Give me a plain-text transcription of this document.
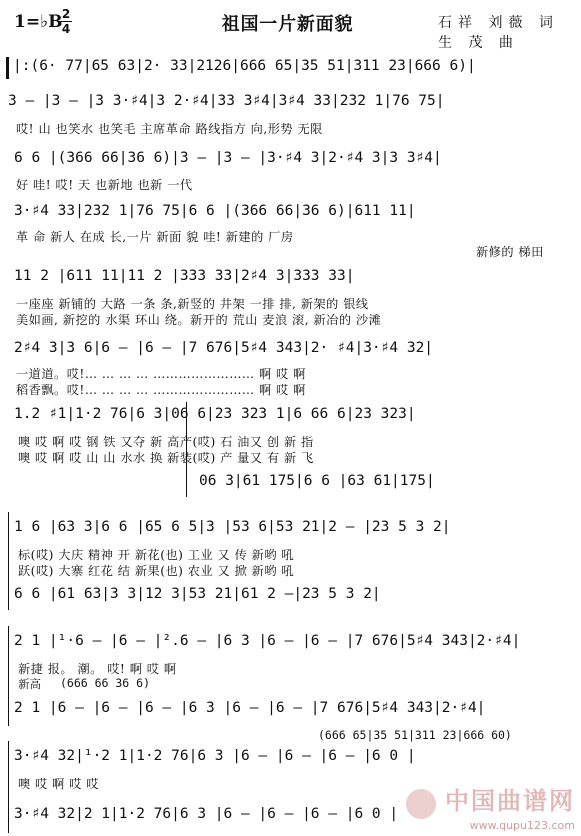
1=♭B 2
4	祖国一片新面貌	石祥 刘薇 词
生 茂 曲
|:(6· 77|65 63|2· 33|2126|666 65|35 51|311 23|666 6)|
3 – |3 – |3 3·♯4|3 2·♯4|33 3♯4|3♯4 33|232 1|76 75|
哎! 山 也笑水 也笑毛 主席革命 路线指方 向,形势 无限
6 6 |(366 66|36 6)|3 – |3 – |3·♯4 3|2·♯4 3|3 3♯4|
好 哇! 哎! 天 也新地 也新 一代
3·♯4 33|232 1|76 75|6 6 |(366 66|36 6)|611 11|
革 命 新人 在成 长,一片 新面 貌 哇! 新建的 厂房
新修的 梯田
11 2 |611 11|11 2 |333 33|2♯4 3|333 33|
一座座 新铺的 大路 一条 条,新竖的 井架 一排 排, 新架的 银线
美如画, 新挖的 水渠 环山 绕。新开的 荒山 麦浪 滚, 新冶的 沙滩
2♯4 3|3 6|6 – |6 – |7 676|5♯4 343|2· ♯4|3·♯4 32|
一道道。哎!… … … … …………………… 啊 哎 啊
稻香飘。哎!… … … … …………………… 啊 哎 啊
1.2 ♯1|1·2 76|6 3|06 6|23 323 1|6 66 6|23 323|
噢 哎 啊 哎 钢 铁 又夺 新 高产(哎) 石 油又 创 新 指
噢 哎 啊 哎 山 山 水水 换 新装(哎) 产 量又 有 新 飞
06 3|61 175|6 6 |63 61|175|
1 6 |63 3|6 6 |65 6 5|3 |53 6|53 21|2 – |23 5 3 2|
标(哎) 大庆 精神 开 新花(也) 工业 又 传 新哟 吼
跃(哎) 大寨 红花 结 新果(也) 农业 又 掀 新哟 吼
6 6 |61 63|3 3|12 3|53 21|61 2 –|23 5 3 2|
2 1 |¹·6 – |6 – |².6 – |6 3 |6 – |6 – |7 676|5♯4 343|2·♯4|
新捷 报。 潮。 哎! 啊 哎 啊
新高 (666 66 36 6)
2 1 |6 – |6 – |6 – |6 3 |6 – |6 – |7 676|5♯4 343|2·♯4|
(666 65|35 51|311 23|666 60)
3·♯4 32|¹·2 1|1·2 76|6 3 |6 – |6 – |6 – |6 0 |
噢 哎 啊 哎 哎
3·♯4 32|2 1|1·2 76|6 3 |6 – |6 – |6 – |6 0 |	中国曲谱网
www.qupu123.com
